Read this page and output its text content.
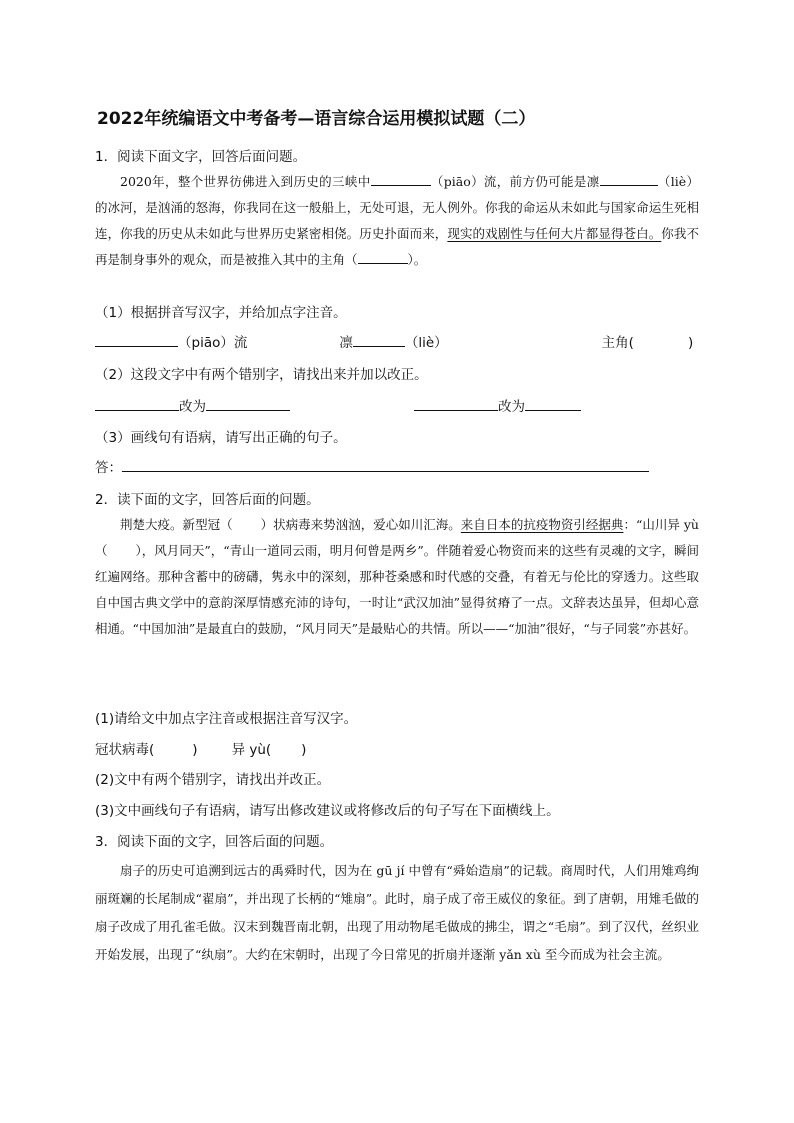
2022年统编语文中考备考—语言综合运用模拟试题（二）
1．阅读下面文字，回答后面问题。

2020年，整个世界彷佛进入到历史的三峡中	（piāo）流，前方仍可能是凛	（liè）的冰河，是汹涌的怒海，你我同在这一般船上，无处可退，无人例外。你我的命运从未如此与国家命运生死相连，你我的历史从未如此与世界历史紧密相侥。历史扑面而来，现实的戏剧性与任何大片都显得苍白。你我不再是制身事外的观众，而是被推入其中的主角（	）。

（1）根据拼音写汉字，并给加点字注音。
（piāo）流	凛	（liè）	主角(	)
（2）这段文字中有两个错别字，请找出来并加以改正。
改为	改为
（3）画线句有语病，请写出正确的句子。
答：
2．读下面的文字，回答后面的问题。

荆楚大疫。新型冠（ ）状病毒来势汹汹，爱心如川汇海。来自日本的抗疫物资引经据典：“山川异 yù（ ），风月同天”，“青山一道同云雨，明月何曾是两乡”。伴随着爱心物资而来的这些有灵魂的文字，瞬间红遍网络。那种含蓄中的磅礴，隽永中的深刻，那种苍桑感和时代感的交叠，有着无与伦比的穿透力。这些取自中国古典文学中的意韵深厚情感充沛的诗句，一时让“武汉加油”显得贫瘠了一点。文辞表达虽异，但却心意相通。“中国加油”是最直白的鼓励，“风月同天”是最贴心的共情。所以——“加油”很好，“与子同裳”亦甚好。

(1)请给文中加点字注音或根据注音写汉字。
冠状病毒(	)	异 yù( )
(2)文中有两个错别字，请找出并改正。
(3)文中画线句子有语病，请写出修改建议或将修改后的句子写在下面横线上。
3．阅读下面的文字，回答后面的问题。

扇子的历史可追溯到远古的禹舜时代，因为在 gū jí 中曾有“舜始造扇”的记载。商周时代，人们用雉鸡绚丽斑斓的长尾制成“翟扇”，并出现了长柄的“雉扇”。此时，扇子成了帝王威仪的象征。到了唐朝，用雉毛做的扇子改成了用孔雀毛做。汉末到魏晋南北朝，出现了用动物尾毛做成的拂尘，谓之“毛扇”。到了汉代，丝织业开始发展，出现了“纨扇”。大约在宋朝时，出现了今日常见的折扇并逐渐 yǎn xù 至今而成为社会主流。
